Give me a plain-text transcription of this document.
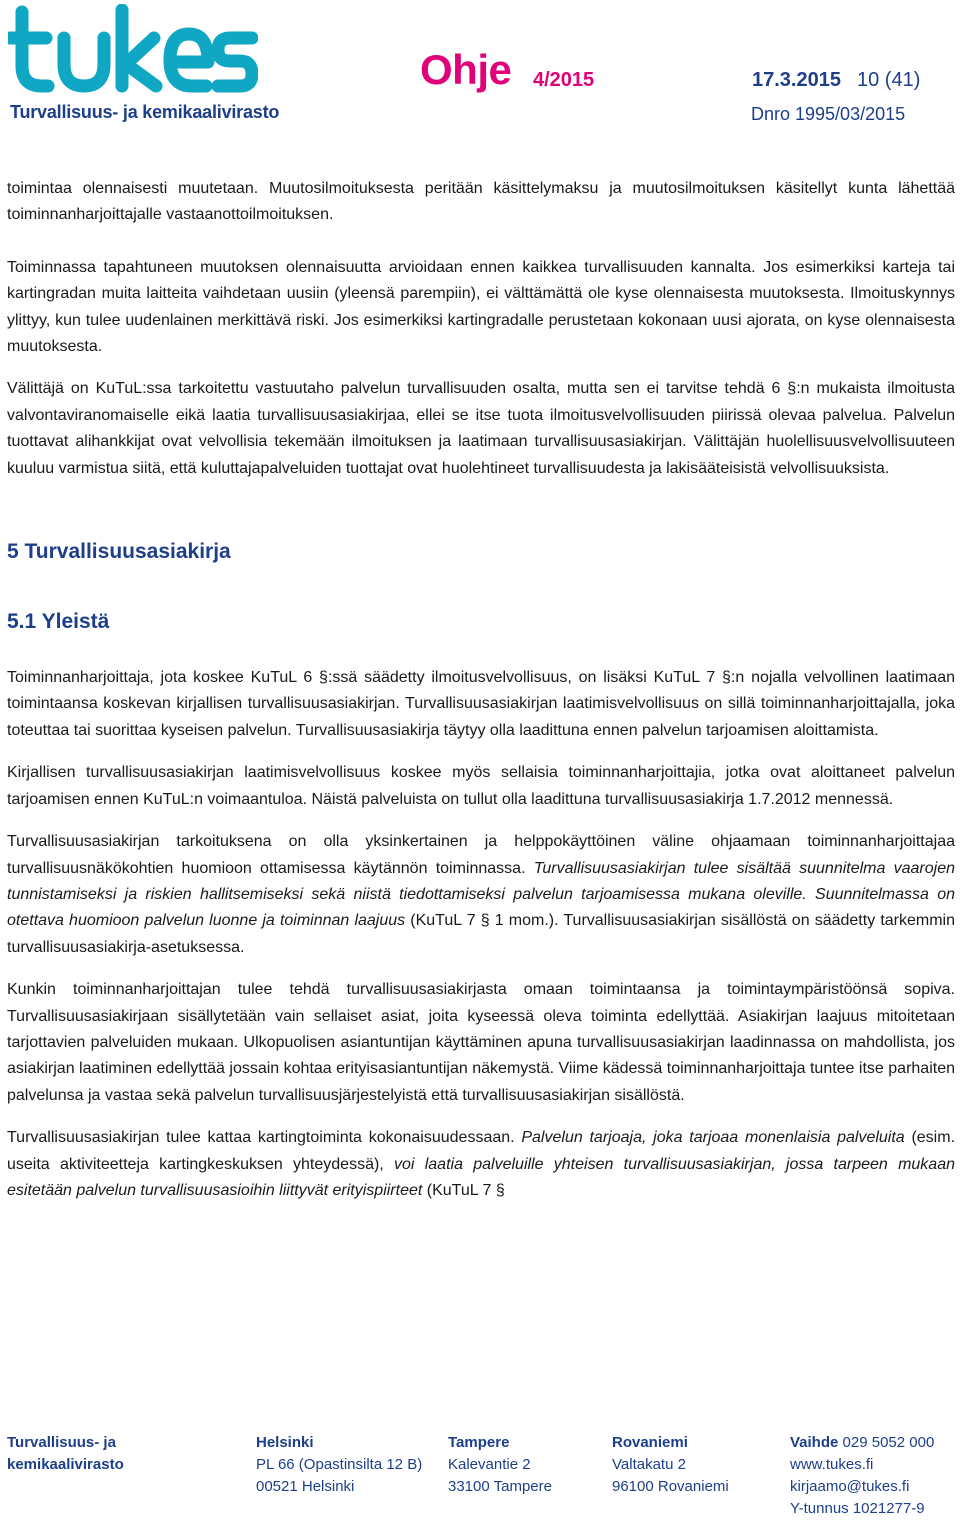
Turvallisuus- ja kemikaalivirasto
Ohje 4/2015	17.3.2015 10 (41)
Dnro 1995/03/2015

toimintaa olennaisesti muutetaan. Muutosilmoituksesta peritään käsittelymaksu ja muutosilmoituksen käsitellyt kunta lähettää toiminnanharjoittajalle vastaanottoilmoituksen.

Toiminnassa tapahtuneen muutoksen olennaisuutta arvioidaan ennen kaikkea turvallisuuden kannalta. Jos esimerkiksi karteja tai kartingradan muita laitteita vaihdetaan uusiin (yleensä parempiin), ei välttämättä ole kyse olennaisesta muutoksesta. Ilmoituskynnys ylittyy, kun tulee uudenlainen merkittävä riski. Jos esimerkiksi kartingradalle perustetaan kokonaan uusi ajorata, on kyse olennaisesta muutoksesta.

Välittäjä on KuTuL:ssa tarkoitettu vastuutaho palvelun turvallisuuden osalta, mutta sen ei tarvitse tehdä 6 §:n mukaista ilmoitusta valvontaviranomaiselle eikä laatia turvallisuusasiakirjaa, ellei se itse tuota ilmoitusvelvollisuuden piirissä olevaa palvelua. Palvelun tuottavat alihankkijat ovat velvollisia tekemään ilmoituksen ja laatimaan turvallisuusasiakirjan. Välittäjän huolellisuusvelvollisuuteen kuuluu varmistua siitä, että kuluttajapalveluiden tuottajat ovat huolehtineet turvallisuudesta ja lakisääteisistä velvollisuuksista.

5 Turvallisuusasiakirja
5.1 Yleistä

Toiminnanharjoittaja, jota koskee KuTuL 6 §:ssä säädetty ilmoitusvelvollisuus, on lisäksi KuTuL 7 §:n nojalla velvollinen laatimaan toimintaansa koskevan kirjallisen turvallisuusasiakirjan. Turvallisuusasiakirjan laatimisvelvollisuus on sillä toiminnanharjoittajalla, joka toteuttaa tai suorittaa kyseisen palvelun. Turvallisuusasiakirja täytyy olla laadittuna ennen palvelun tarjoamisen aloittamista.

Kirjallisen turvallisuusasiakirjan laatimisvelvollisuus koskee myös sellaisia toiminnanharjoittajia, jotka ovat aloittaneet palvelun tarjoamisen ennen KuTuL:n voimaantuloa. Näistä palveluista on tullut olla laadittuna turvallisuusasiakirja 1.7.2012 mennessä.

Turvallisuusasiakirjan tarkoituksena on olla yksinkertainen ja helppokäyttöinen väline ohjaamaan toiminnanharjoittajaa turvallisuusnäkökohtien huomioon ottamisessa käytännön toiminnassa. Turvallisuusasiakirjan tulee sisältää suunnitelma vaarojen tunnistamiseksi ja riskien hallitsemiseksi sekä niistä tiedottamiseksi palvelun tarjoamisessa mukana oleville. Suunnitelmassa on otettava huomioon palvelun luonne ja toiminnan laajuus (KuTuL 7 § 1 mom.). Turvallisuusasiakirjan sisällöstä on säädetty tarkemmin turvallisuusasiakirja-asetuksessa.

Kunkin toiminnanharjoittajan tulee tehdä turvallisuusasiakirjasta omaan toimintaansa ja toimintaympäristöönsä sopiva. Turvallisuusasiakirjaan sisällytetään vain sellaiset asiat, joita kyseessä oleva toiminta edellyttää. Asiakirjan laajuus mitoitetaan tarjottavien palveluiden mukaan. Ulkopuolisen asiantuntijan käyttäminen apuna turvallisuusasiakirjan laadinnassa on mahdollista, jos asiakirjan laatiminen edellyttää jossain kohtaa erityisasiantuntijan näkemystä. Viime kädessä toiminnanharjoittaja tuntee itse parhaiten palvelunsa ja vastaa sekä palvelun turvallisuusjärjestelyistä että turvallisuusasiakirjan sisällöstä.

Turvallisuusasiakirjan tulee kattaa kartingtoiminta kokonaisuudessaan. Palvelun tarjoaja, joka tarjoaa monenlaisia palveluita (esim. useita aktiviteetteja kartingkeskuksen yhteydessä), voi laatia palveluille yhteisen turvallisuusasiakirjan, jossa tarpeen mukaan esitetään palvelun turvallisuusasioihin liittyvät erityispiirteet (KuTuL 7 §

Turvallisuus- ja
kemikaalivirasto
Helsinki
PL 66 (Opastinsilta 12 B)
00521 Helsinki
Tampere
Kalevantie 2
33100 Tampere
Rovaniemi
Valtakatu 2
96100 Rovaniemi
Vaihde 029 5052 000
www.tukes.fi
kirjaamo@tukes.fi
Y-tunnus 1021277-9
